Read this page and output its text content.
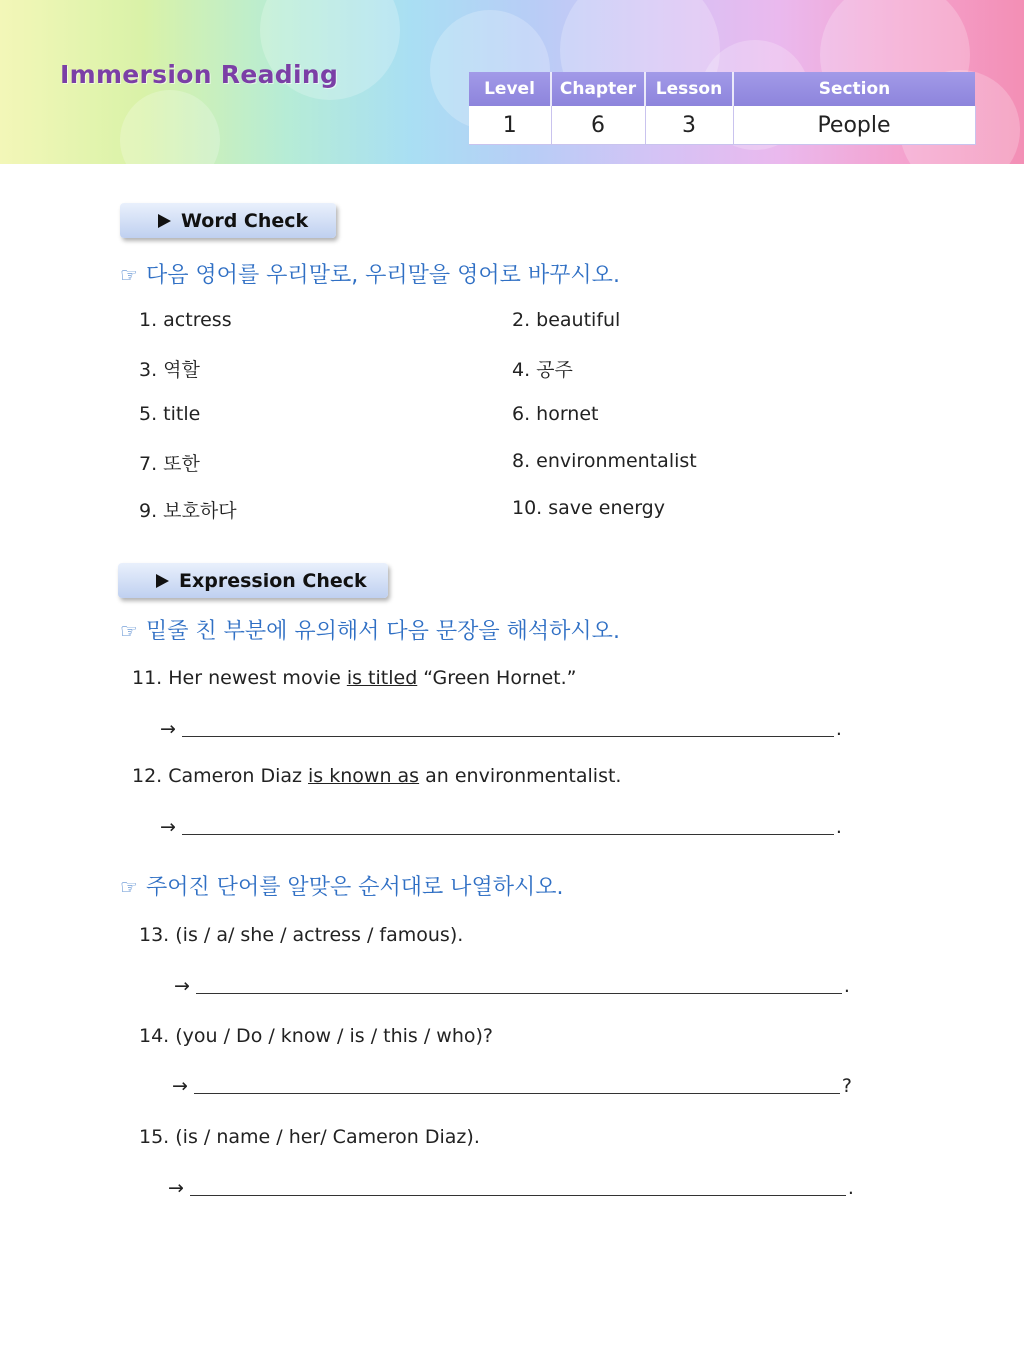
Immersion Reading	Level	Chapter	Lesson	Section
1	6	3	People
Word Check
☞ 다음 영어를 우리말로, 우리말을 영어로 바꾸시오.
1. actress	2. beautiful
3. 역할	4. 공주
5. title	6. hornet
7. 또한	8. environmentalist
9. 보호하다	10. save energy
Expression Check
☞ 밑줄 친 부분에 유의해서 다음 문장을 해석하시오.
11. Her newest movie is titled “Green Hornet.”
→	.
12. Cameron Diaz is known as an environmentalist.
→	.
☞ 주어진 단어를 알맞은 순서대로 나열하시오.
13. (is / a/ she / actress / famous).
→	.
14. (you / Do / know / is / this / who)?
→	?
15. (is / name / her/ Cameron Diaz).
→	.
